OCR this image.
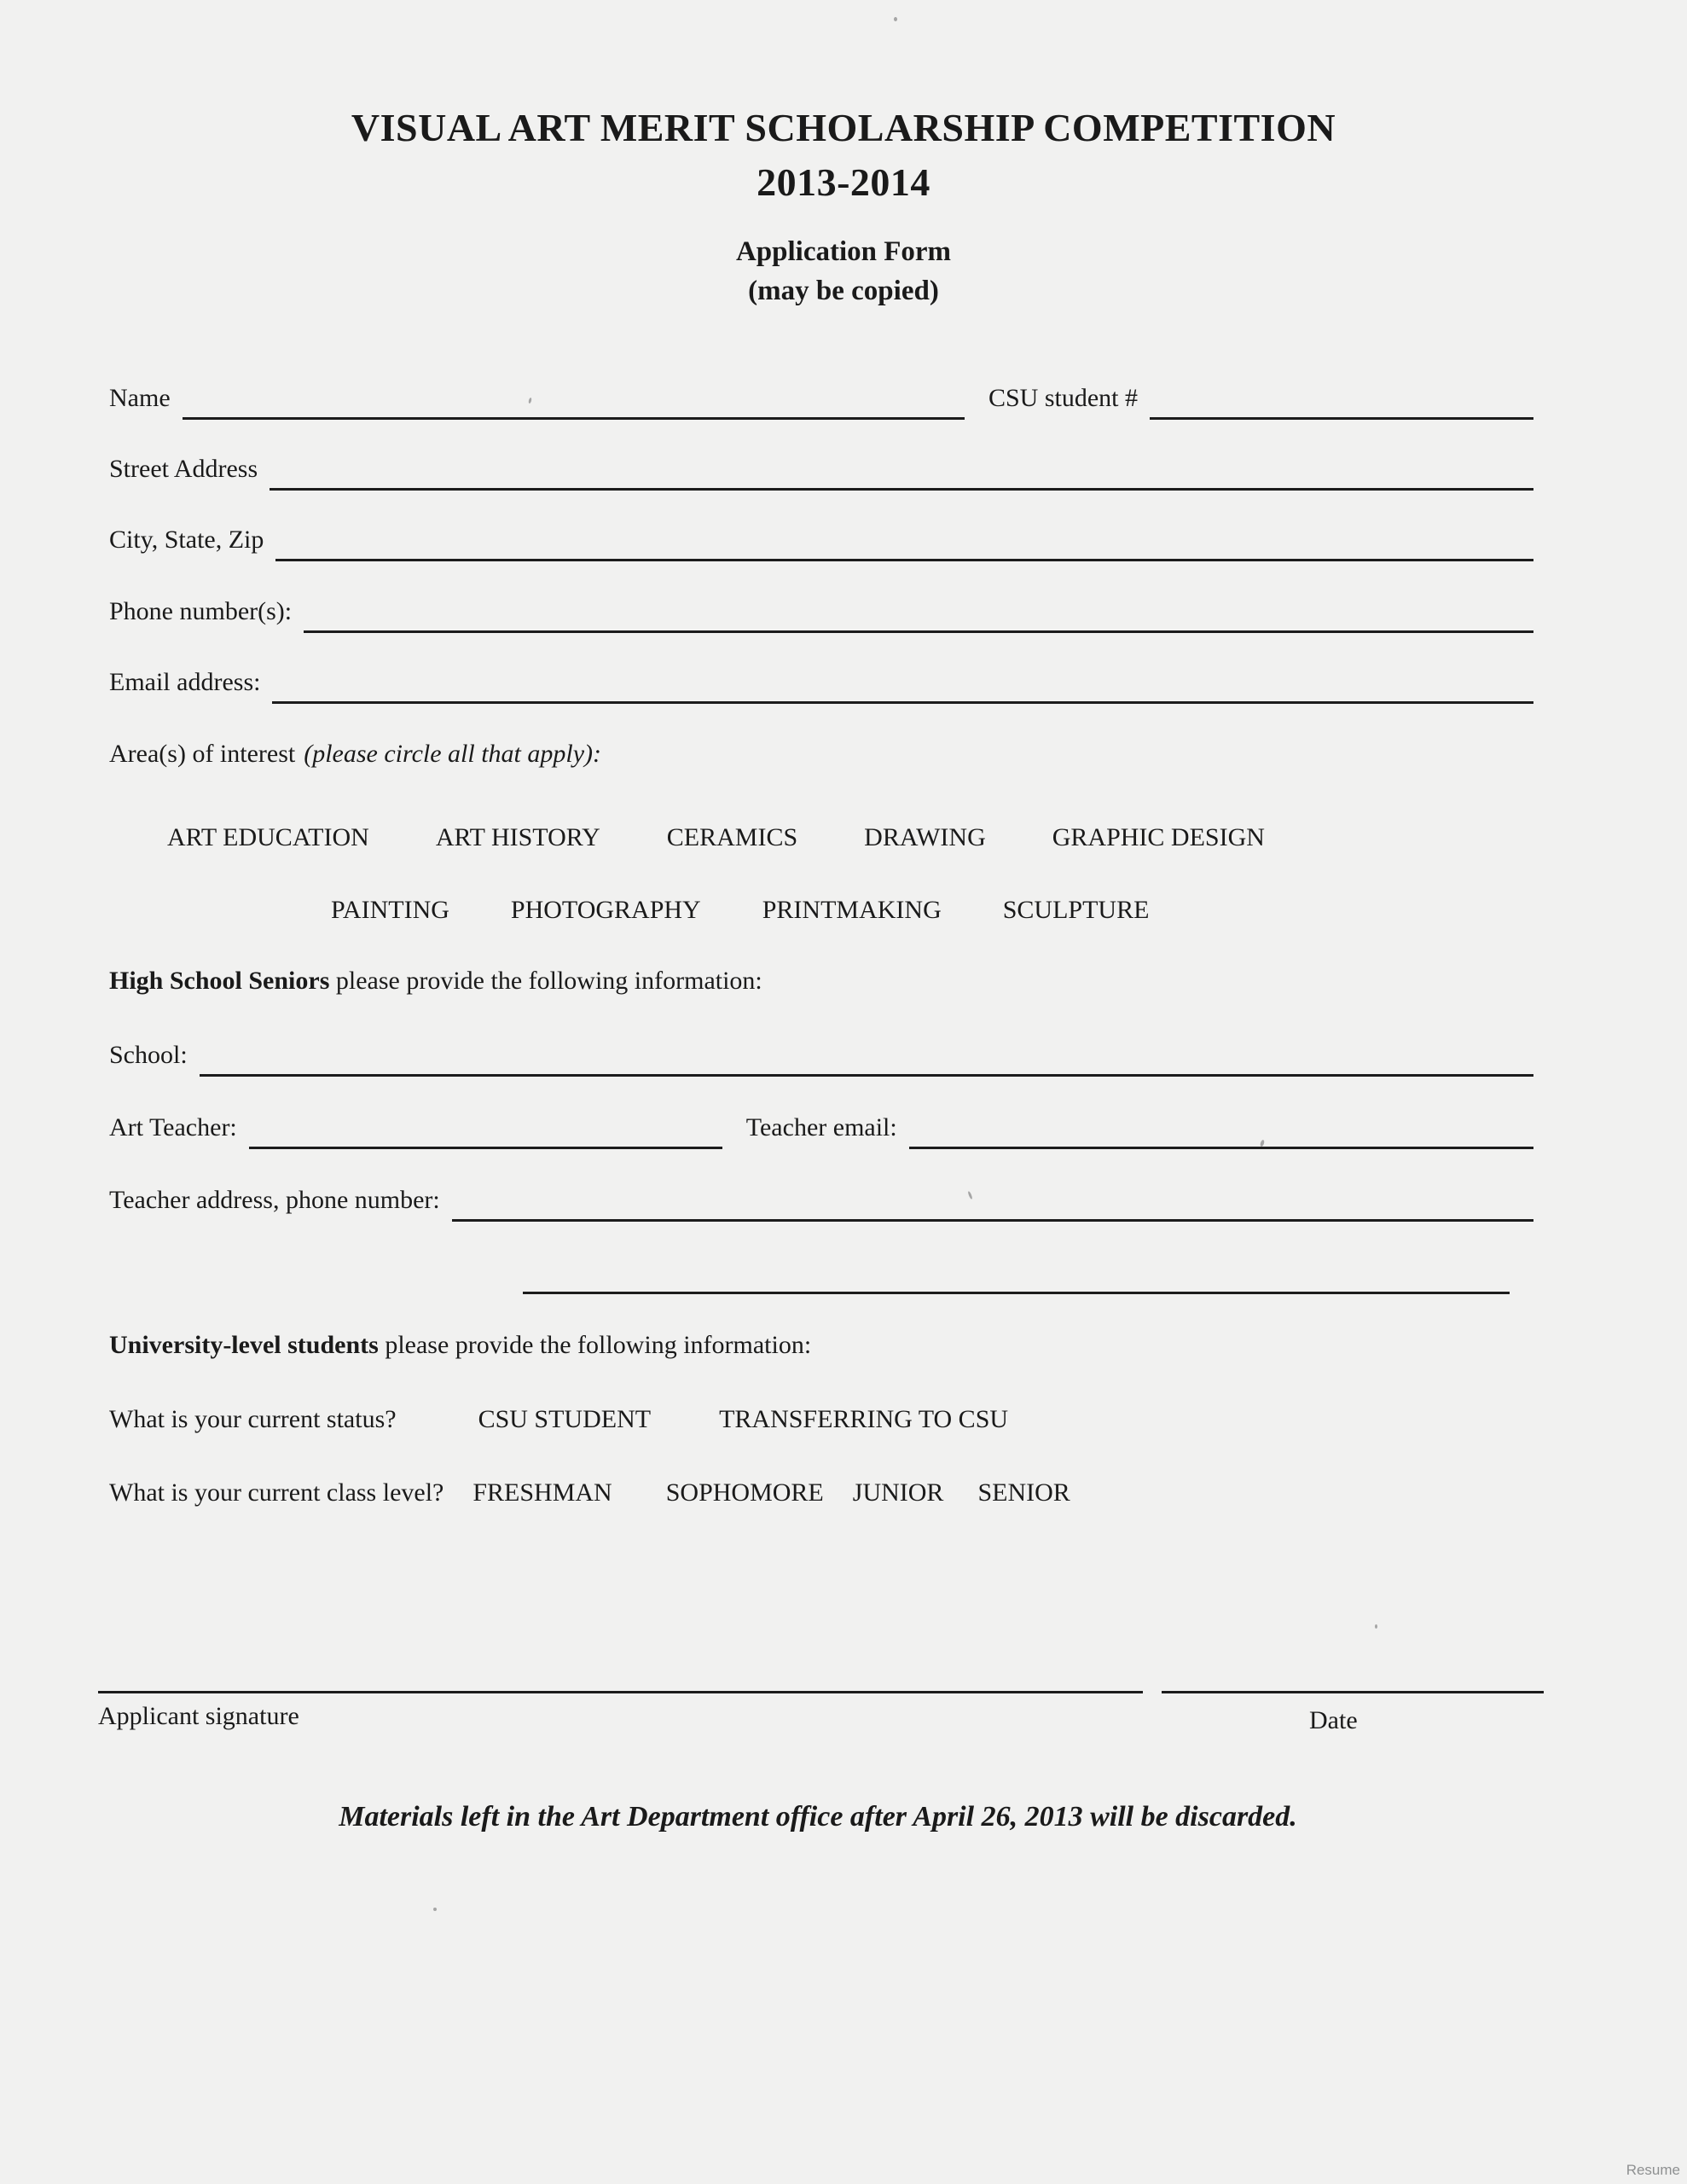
VISUAL ART MERIT SCHOLARSHIP COMPETITION
2013-2014
Application Form
(may be copied)
Name	CSU student #
Street Address
City, State, Zip
Phone number(s):
Email address:
Area(s) of interest (please circle all that apply):
ART EDUCATION	ART HISTORY	CERAMICS	DRAWING	GRAPHIC DESIGN
PAINTING PHOTOGRAPHY PRINTMAKING SCULPTURE
High School Seniors please provide the following information:
School:
Art Teacher:	Teacher email:
Teacher address, phone number:
University-level students please provide the following information:
What is your current status?	CSU STUDENT	TRANSFERRING TO CSU
What is your current class level? FRESHMAN SOPHOMORE JUNIOR SENIOR
Applicant signature	Date
Materials left in the Art Department office after April 26, 2013 will be discarded.
Resume
